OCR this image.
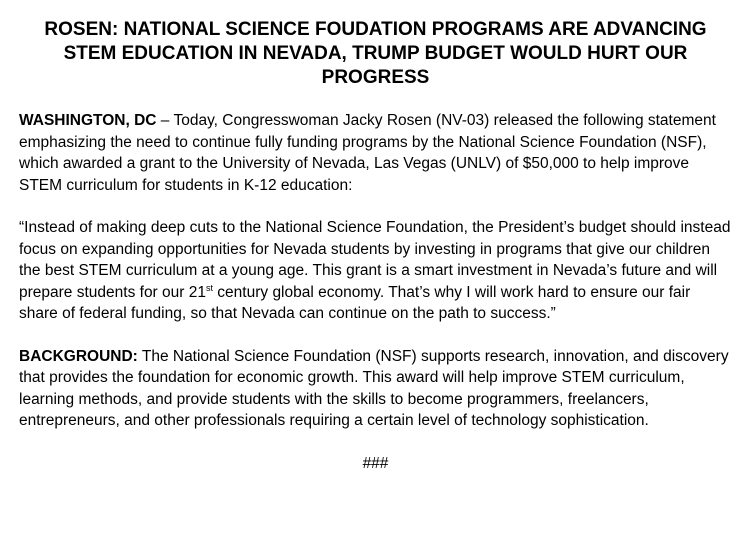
ROSEN: NATIONAL SCIENCE FOUDATION PROGRAMS ARE ADVANCING STEM EDUCATION IN NEVADA, TRUMP BUDGET WOULD HURT OUR PROGRESS

WASHINGTON, DC – Today, Congresswoman Jacky Rosen (NV-03) released the following statement emphasizing the need to continue fully funding programs by the National Science Foundation (NSF), which awarded a grant to the University of Nevada, Las Vegas (UNLV) of $50,000 to help improve STEM curriculum for students in K-12 education:

“Instead of making deep cuts to the National Science Foundation, the President’s budget should instead focus on expanding opportunities for Nevada students by investing in programs that give our children the best STEM curriculum at a young age. This grant is a smart investment in Nevada’s future and will prepare students for our 21st century global economy. That’s why I will work hard to ensure our fair share of federal funding, so that Nevada can continue on the path to success.”

BACKGROUND: The National Science Foundation (NSF) supports research, innovation, and discovery that provides the foundation for economic growth. This award will help improve STEM curriculum, learning methods, and provide students with the skills to become programmers, freelancers, entrepreneurs, and other professionals requiring a certain level of technology sophistication.

###
